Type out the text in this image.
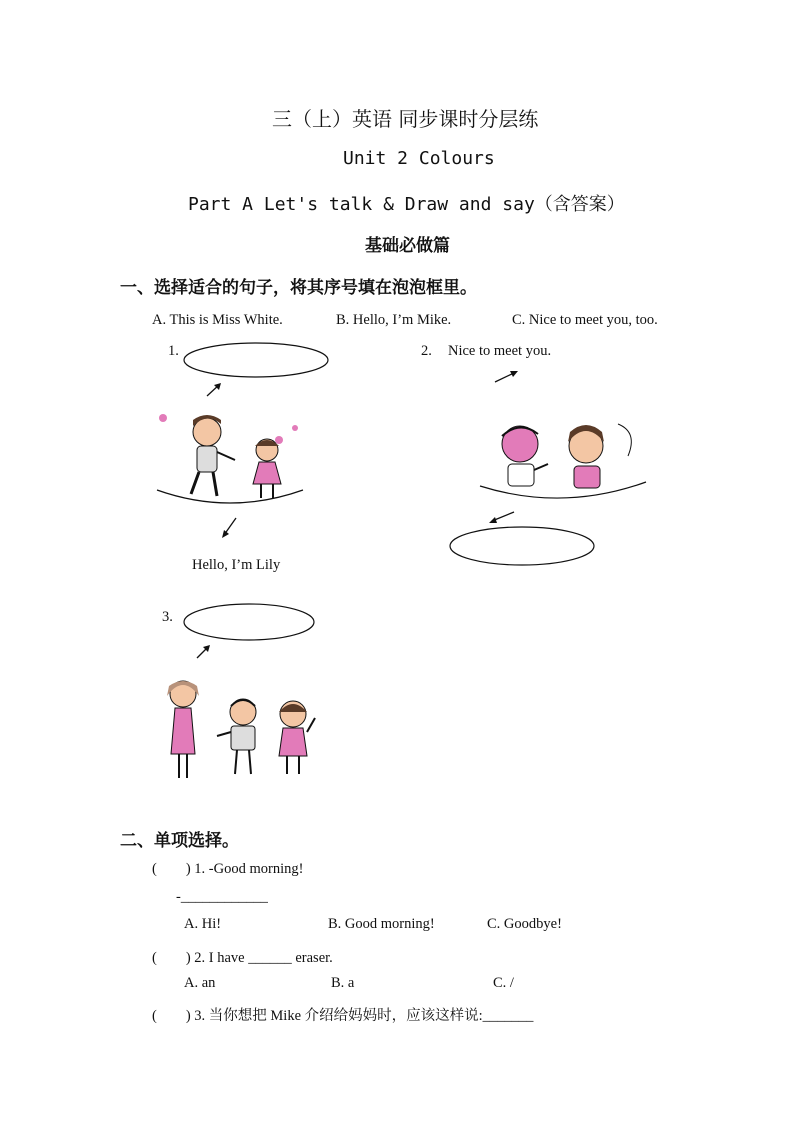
三（上）英语 同步课时分层练
Unit 2 Colours
Part A Let's talk & Draw and say（含答案）
基础必做篇
一、选择适合的句子，将其序号填在泡泡框里。
A. This is Miss White.	B. Hello, I’m Mike.	C. Nice to meet you, too.
1.
Hello, I’m Lily
2. Nice to meet you.
3.
二、单项选择。
(        ) 1. -Good morning!
-____________
A. Hi!	B. Good morning!	C. Goodbye!
(        ) 2. I have ______ eraser.
A. an	B. a	C. /
(        ) 3. 当你想把 Mike 介绍给妈妈时，应该这样说:_______
